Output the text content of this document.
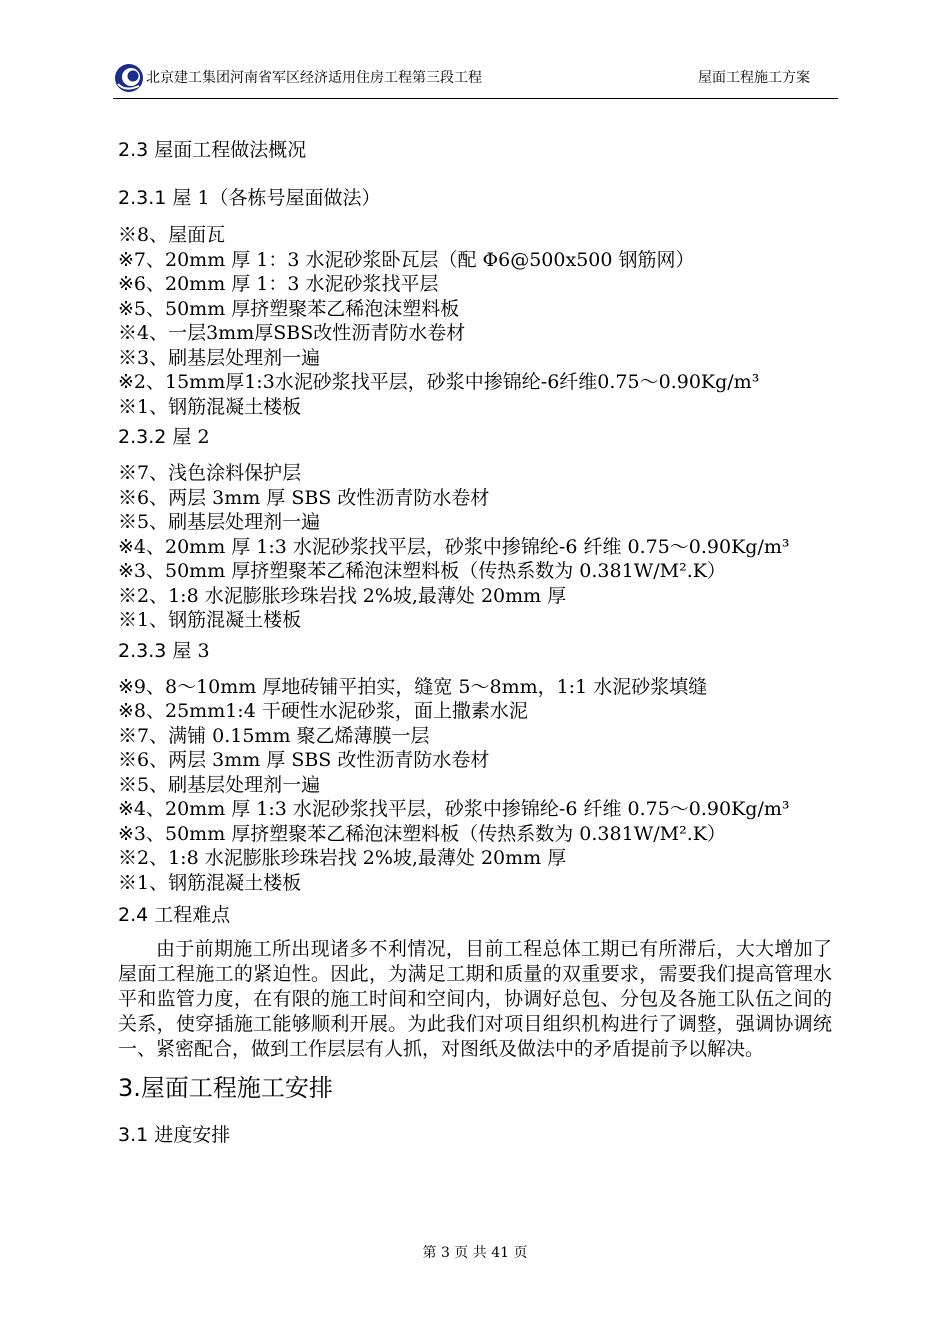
北京建工集团河南省军区经济适用住房工程第三段工程	屋面工程施工方案

2.3 屋面工程做法概况

2.3.1 屋 1（各栋号屋面做法）

※8、屋面瓦
※7、20mm 厚 1：3 水泥砂浆卧瓦层（配 Φ6@500x500 钢筋网）
※6、20mm 厚 1：3 水泥砂浆找平层
※5、50mm 厚挤塑聚苯乙稀泡沫塑料板
※4、一层3mm厚SBS改性沥青防水卷材
※3、刷基层处理剂一遍
※2、15mm厚1:3水泥砂浆找平层，砂浆中掺锦纶-6纤维0.75～0.90Kg/m³
※1、钢筋混凝土楼板

2.3.2 屋 2

※7、浅色涂料保护层
※6、两层 3mm 厚 SBS 改性沥青防水卷材
※5、刷基层处理剂一遍
※4、20mm 厚 1:3 水泥砂浆找平层，砂浆中掺锦纶-6 纤维 0.75～0.90Kg/m³
※3、50mm 厚挤塑聚苯乙稀泡沫塑料板（传热系数为 0.381W/M².K）
※2、1:8 水泥膨胀珍珠岩找 2%坡,最薄处 20mm 厚
※1、钢筋混凝土楼板

2.3.3 屋 3

※9、8～10mm 厚地砖铺平拍实，缝宽 5～8mm，1:1 水泥砂浆填缝
※8、25mm1:4 干硬性水泥砂浆，面上撒素水泥
※7、满铺 0.15mm 聚乙烯薄膜一层
※6、两层 3mm 厚 SBS 改性沥青防水卷材
※5、刷基层处理剂一遍
※4、20mm 厚 1:3 水泥砂浆找平层，砂浆中掺锦纶-6 纤维 0.75～0.90Kg/m³
※3、50mm 厚挤塑聚苯乙稀泡沫塑料板（传热系数为 0.381W/M².K）
※2、1:8 水泥膨胀珍珠岩找 2%坡,最薄处 20mm 厚
※1、钢筋混凝土楼板

2.4 工程难点

由于前期施工所出现诸多不利情况，目前工程总体工期已有所滞后，大大增加了屋面工程施工的紧迫性。因此，为满足工期和质量的双重要求，需要我们提高管理水平和监管力度，在有限的施工时间和空间内，协调好总包、分包及各施工队伍之间的关系，使穿插施工能够顺利开展。为此我们对项目组织机构进行了调整，强调协调统一、紧密配合，做到工作层层有人抓，对图纸及做法中的矛盾提前予以解决。

3.屋面工程施工安排

3.1 进度安排

第 3 页 共 41 页
